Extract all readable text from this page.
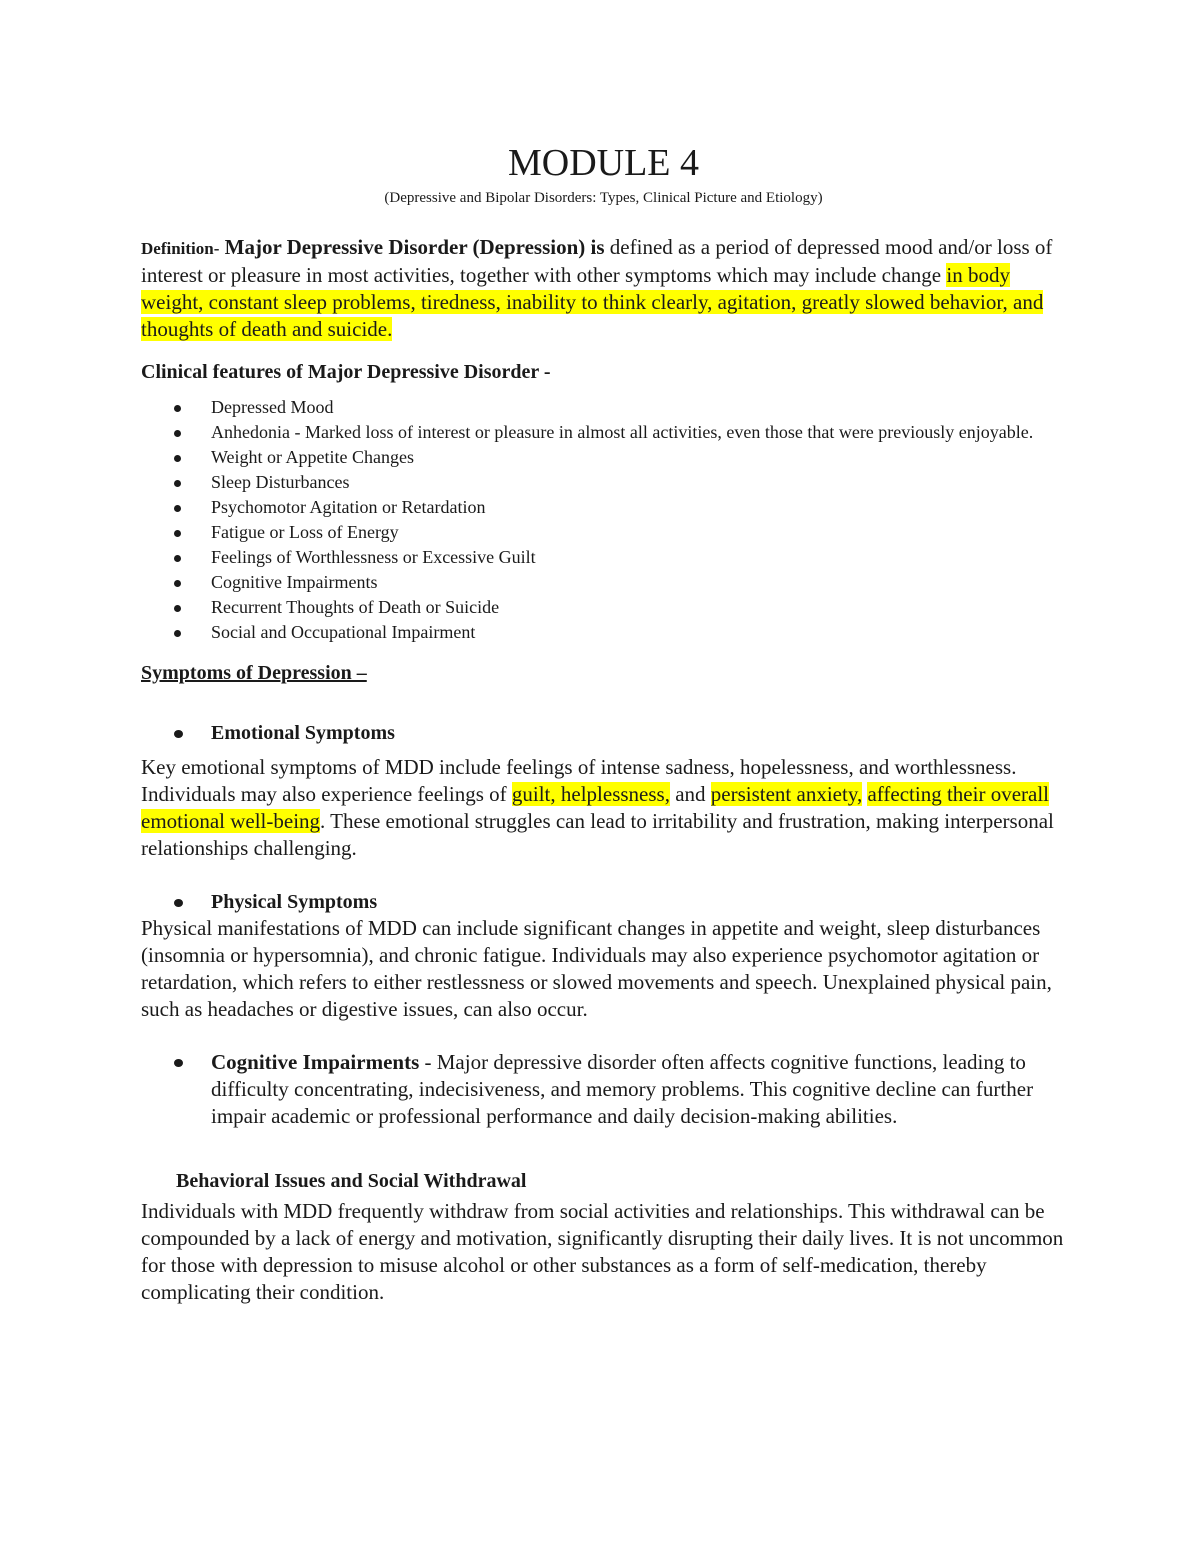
MODULE 4

(Depressive and Bipolar Disorders: Types, Clinical Picture and Etiology)

Definition- Major Depressive Disorder (Depression) is defined as a period of depressed mood and/or loss of interest or pleasure in most activities, together with other symptoms which may include change in body weight, constant sleep problems, tiredness, inability to think clearly, agitation, greatly slowed behavior, and thoughts of death and suicide.

Clinical features of Major Depressive Disorder -

Depressed Mood
Anhedonia - Marked loss of interest or pleasure in almost all activities, even those that were previously enjoyable.
Weight or Appetite Changes
Sleep Disturbances
Psychomotor Agitation or Retardation
Fatigue or Loss of Energy
Feelings of Worthlessness or Excessive Guilt
Cognitive Impairments
Recurrent Thoughts of Death or Suicide
Social and Occupational Impairment

Symptoms of Depression –

Emotional Symptoms

Key emotional symptoms of MDD include feelings of intense sadness, hopelessness, and worthlessness. Individuals may also experience feelings of guilt, helplessness, and persistent anxiety, affecting their overall emotional well-being. These emotional struggles can lead to irritability and frustration, making interpersonal relationships challenging.

Physical Symptoms

Physical manifestations of MDD can include significant changes in appetite and weight, sleep disturbances (insomnia or hypersomnia), and chronic fatigue. Individuals may also experience psychomotor agitation or retardation, which refers to either restlessness or slowed movements and speech. Unexplained physical pain, such as headaches or digestive issues, can also occur.

Cognitive Impairments - Major depressive disorder often affects cognitive functions, leading to difficulty concentrating, indecisiveness, and memory problems. This cognitive decline can further impair academic or professional performance and daily decision-making abilities.

Behavioral Issues and Social Withdrawal

Individuals with MDD frequently withdraw from social activities and relationships. This withdrawal can be compounded by a lack of energy and motivation, significantly disrupting their daily lives. It is not uncommon for those with depression to misuse alcohol or other substances as a form of self-medication, thereby complicating their condition.
